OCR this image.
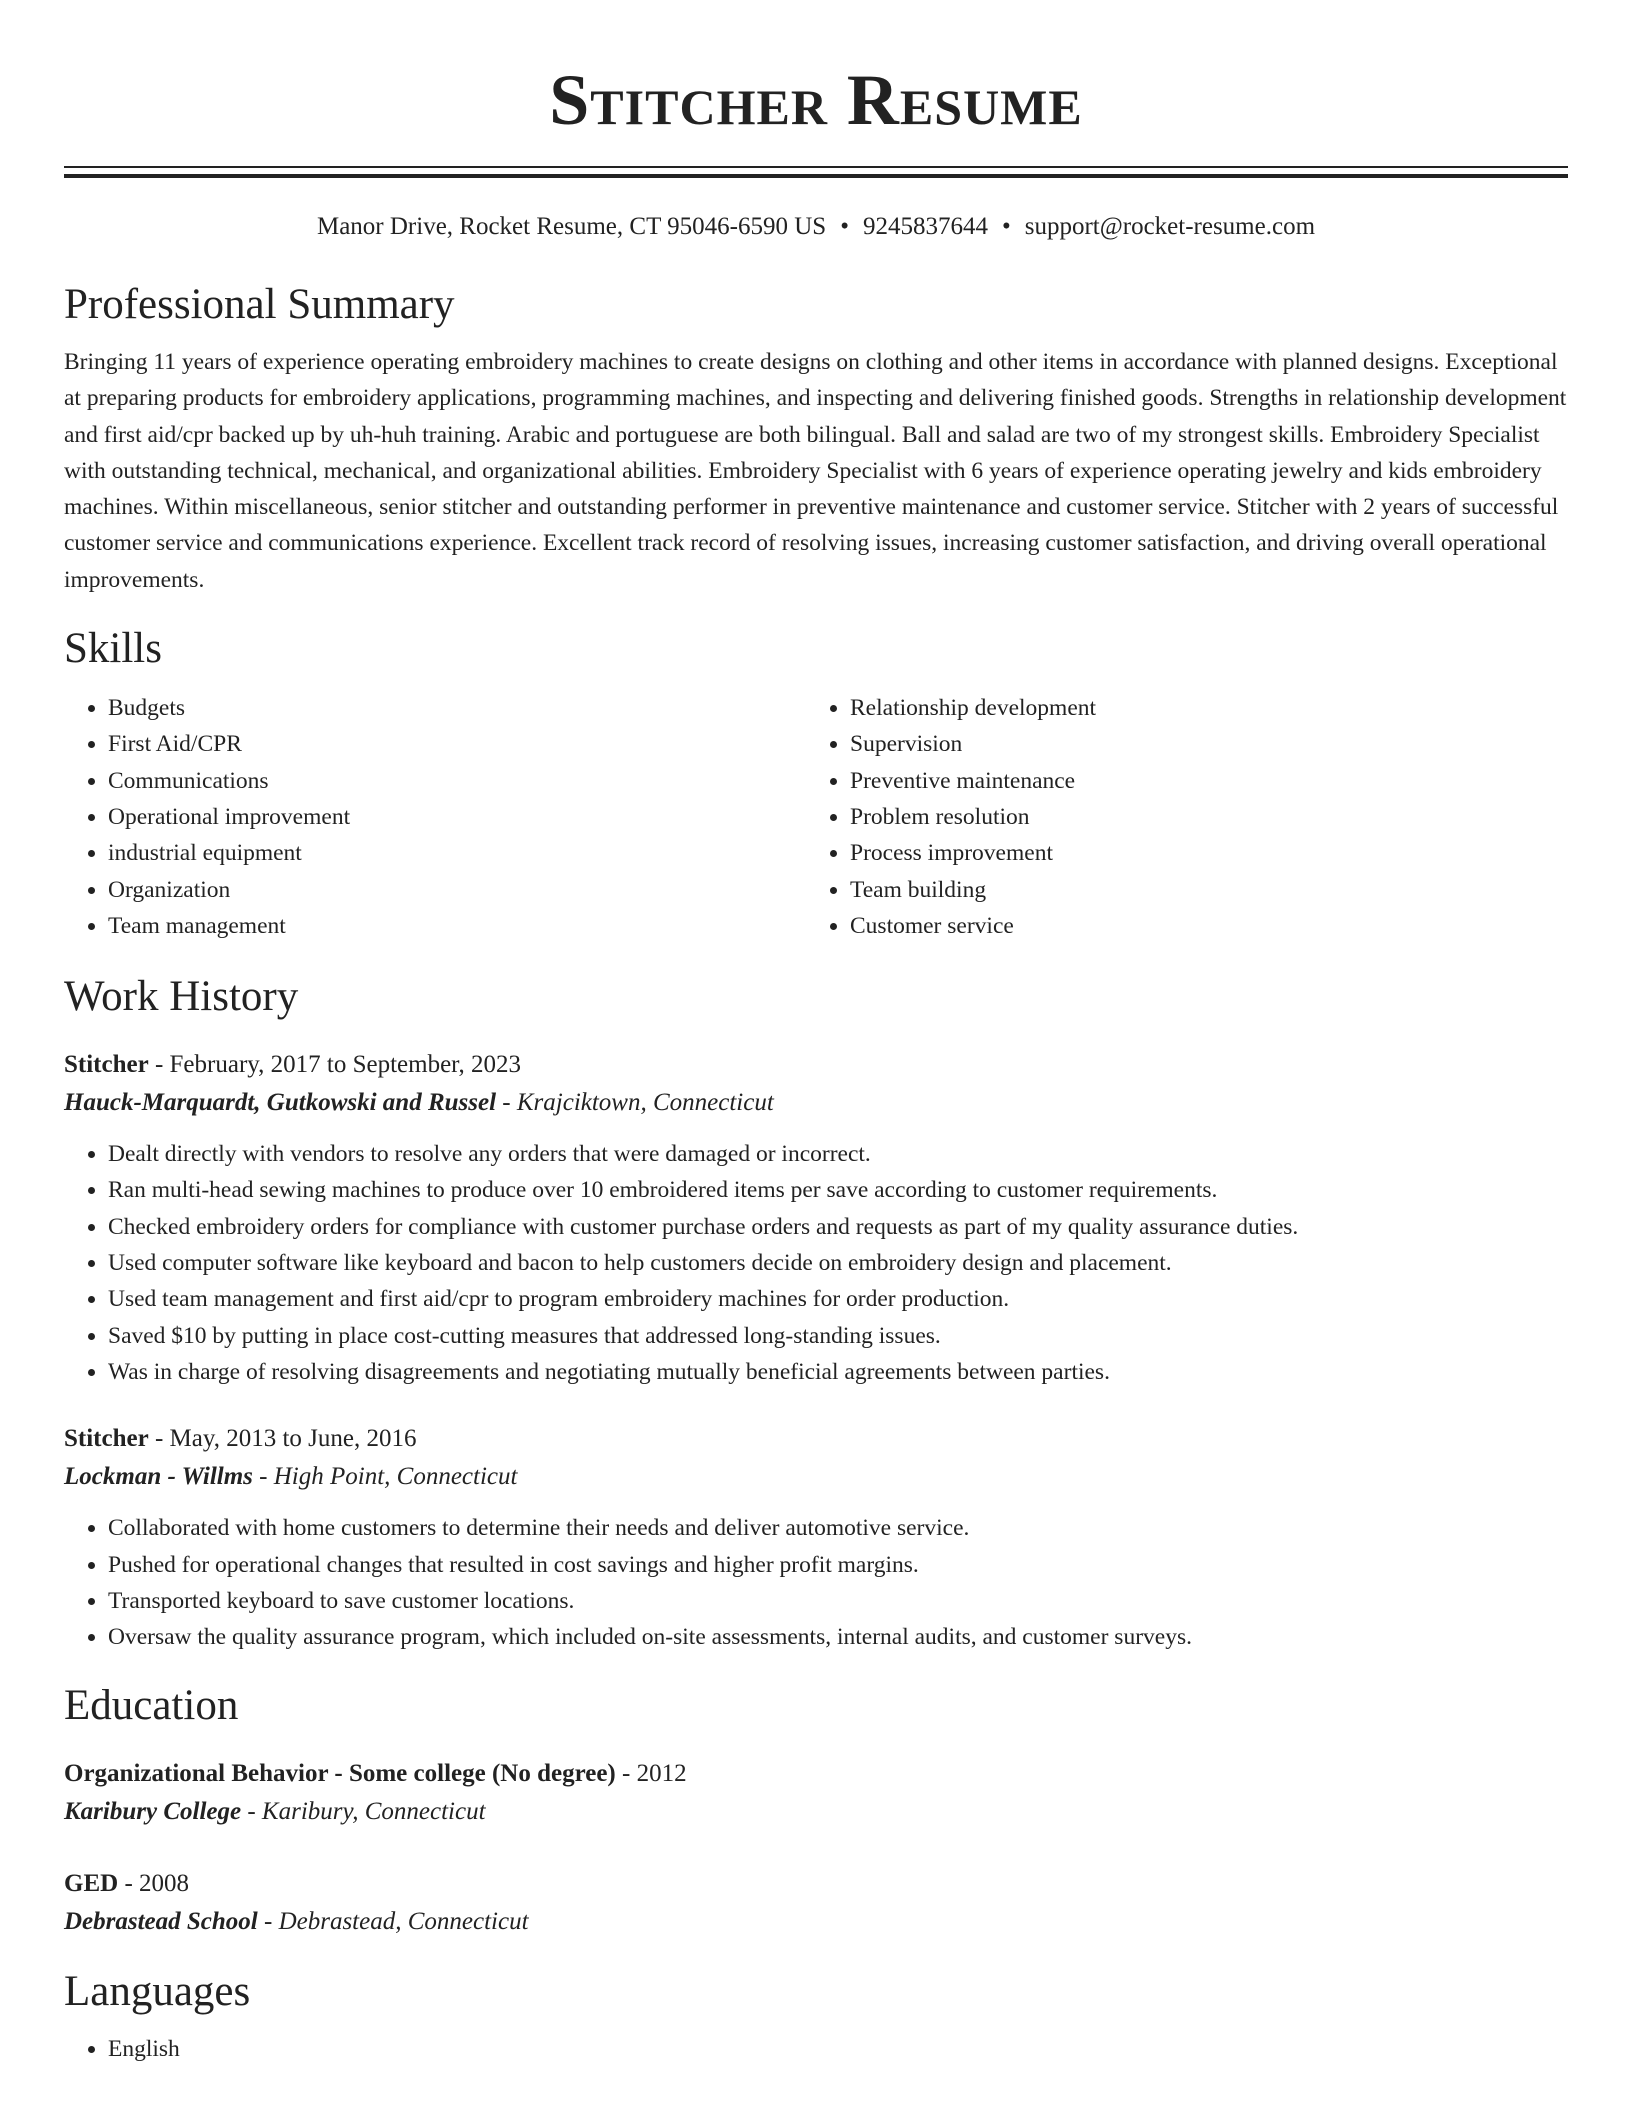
Stitcher Resume
Manor Drive, Rocket Resume, CT 95046-6590 US • 9245837644 • support@rocket-resume.com
Professional Summary
Bringing 11 years of experience operating embroidery machines to create designs on clothing and other items in accordance with planned designs. Exceptional at preparing products for embroidery applications, programming machines, and inspecting and delivering finished goods. Strengths in relationship development and first aid/cpr backed up by uh-huh training. Arabic and portuguese are both bilingual. Ball and salad are two of my strongest skills. Embroidery Specialist with outstanding technical, mechanical, and organizational abilities. Embroidery Specialist with 6 years of experience operating jewelry and kids embroidery machines. Within miscellaneous, senior stitcher and outstanding performer in preventive maintenance and customer service. Stitcher with 2 years of successful customer service and communications experience. Excellent track record of resolving issues, increasing customer satisfaction, and driving overall operational improvements.
Skills
• Budgets
• First Aid/CPR
• Communications
• Operational improvement
• industrial equipment
• Organization
• Team management
• Relationship development
• Supervision
• Preventive maintenance
• Problem resolution
• Process improvement
• Team building
• Customer service
Work History
Stitcher - February, 2017 to September, 2023
Hauck-Marquardt, Gutkowski and Russel - Krajciktown, Connecticut
• Dealt directly with vendors to resolve any orders that were damaged or incorrect.
• Ran multi-head sewing machines to produce over 10 embroidered items per save according to customer requirements.
• Checked embroidery orders for compliance with customer purchase orders and requests as part of my quality assurance duties.
• Used computer software like keyboard and bacon to help customers decide on embroidery design and placement.
• Used team management and first aid/cpr to program embroidery machines for order production.
• Saved $10 by putting in place cost-cutting measures that addressed long-standing issues.
• Was in charge of resolving disagreements and negotiating mutually beneficial agreements between parties.
Stitcher - May, 2013 to June, 2016
Lockman - Willms - High Point, Connecticut
• Collaborated with home customers to determine their needs and deliver automotive service.
• Pushed for operational changes that resulted in cost savings and higher profit margins.
• Transported keyboard to save customer locations.
• Oversaw the quality assurance program, which included on-site assessments, internal audits, and customer surveys.
Education
Organizational Behavior - Some college (No degree) - 2012
Karibury College - Karibury, Connecticut
GED - 2008
Debrastead School - Debrastead, Connecticut
Languages
• English
